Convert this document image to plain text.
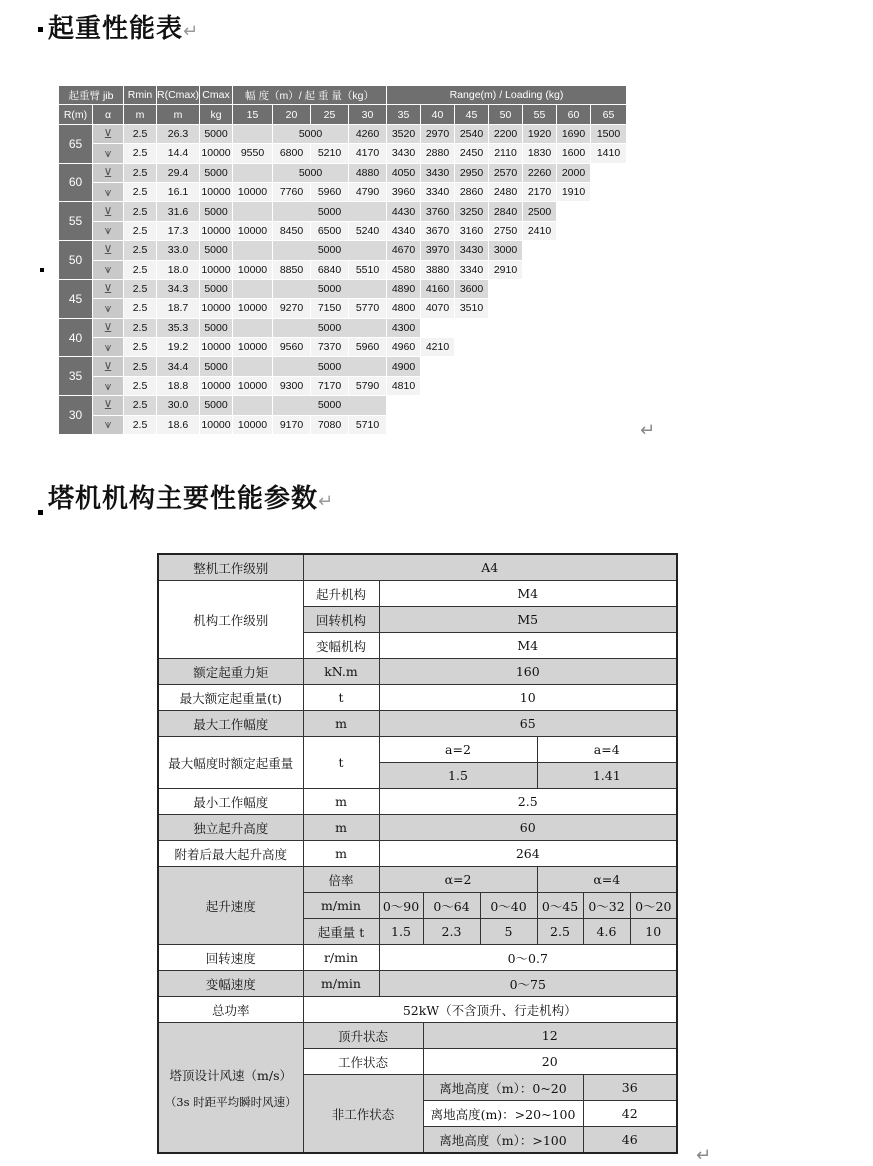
起重性能表↵
起重臂 jib		Rmin	R(Cmax)	Cmax	幅 度（m）/ 起 重 量（kg）				Range(m) / Loading (kg)						
R(m)	α	m	m	kg	15	20	25	30	35	40	45	50	55	60	65
65	⊻	2.5	26.3	5000		5000		4260	3520	2970	2540	2200	1920	1690	1500
	⩛	2.5	14.4	10000	9550	6800	5210	4170	3430	2880	2450	2110	1830	1600	1410
60	⊻	2.5	29.4	5000		5000		4880	4050	3430	2950	2570	2260	2000	
	⩛	2.5	16.1	10000	10000	7760	5960	4790	3960	3340	2860	2480	2170	1910	
55	⊻	2.5	31.6	5000		5000			4430	3760	3250	2840	2500		
	⩛	2.5	17.3	10000	10000	8450	6500	5240	4340	3670	3160	2750	2410		
50	⊻	2.5	33.0	5000		5000			4670	3970	3430	3000			
	⩛	2.5	18.0	10000	10000	8850	6840	5510	4580	3880	3340	2910			
45	⊻	2.5	34.3	5000		5000			4890	4160	3600				
	⩛	2.5	18.7	10000	10000	9270	7150	5770	4800	4070	3510				
40	⊻	2.5	35.3	5000		5000			4300						
	⩛	2.5	19.2	10000	10000	9560	7370	5960	4960	4210					
35	⊻	2.5	34.4	5000		5000			4900						
	⩛	2.5	18.8	10000	10000	9300	7170	5790	4810						
30	⊻	2.5	30.0	5000		5000									
	⩛	2.5	18.6	10000	10000	9170	7080	5710								↵
塔机机构主要性能参数↵
整机工作级别	A4						
机构工作级别	起升机构	M4					
	回转机构	M5					
	变幅机构	M4					
额定起重力矩	kN.m	160					
最大额定起重量(t)	t	10					
最大工作幅度	m	65					
最大幅度时额定起重量	t	a=2			a=4		
		1.5			1.41		
最小工作幅度	m	2.5					
独立起升高度	m	60					
附着后最大起升高度	m	264					
起升速度	倍率	α=2			α=4		
	m/min	0～90	0～64	0～40	0～45	0～32	0～20
	起重量 t	1.5	2.3	5	2.5	4.6	10
回转速度	r/min	0～0.7					
变幅速度	m/min	0～75					
总功率	52kW（不含顶升、行走机构）						

塔顶设计风速（m/s）
（3s 时距平均瞬时风速）	顶升状态		12				
	工作状态		20				
	非工作状态		离地高度（m）：0~20			36	
			离地高度(m)：>20~100			42	
			离地高度（m）：>100			46	
↵
